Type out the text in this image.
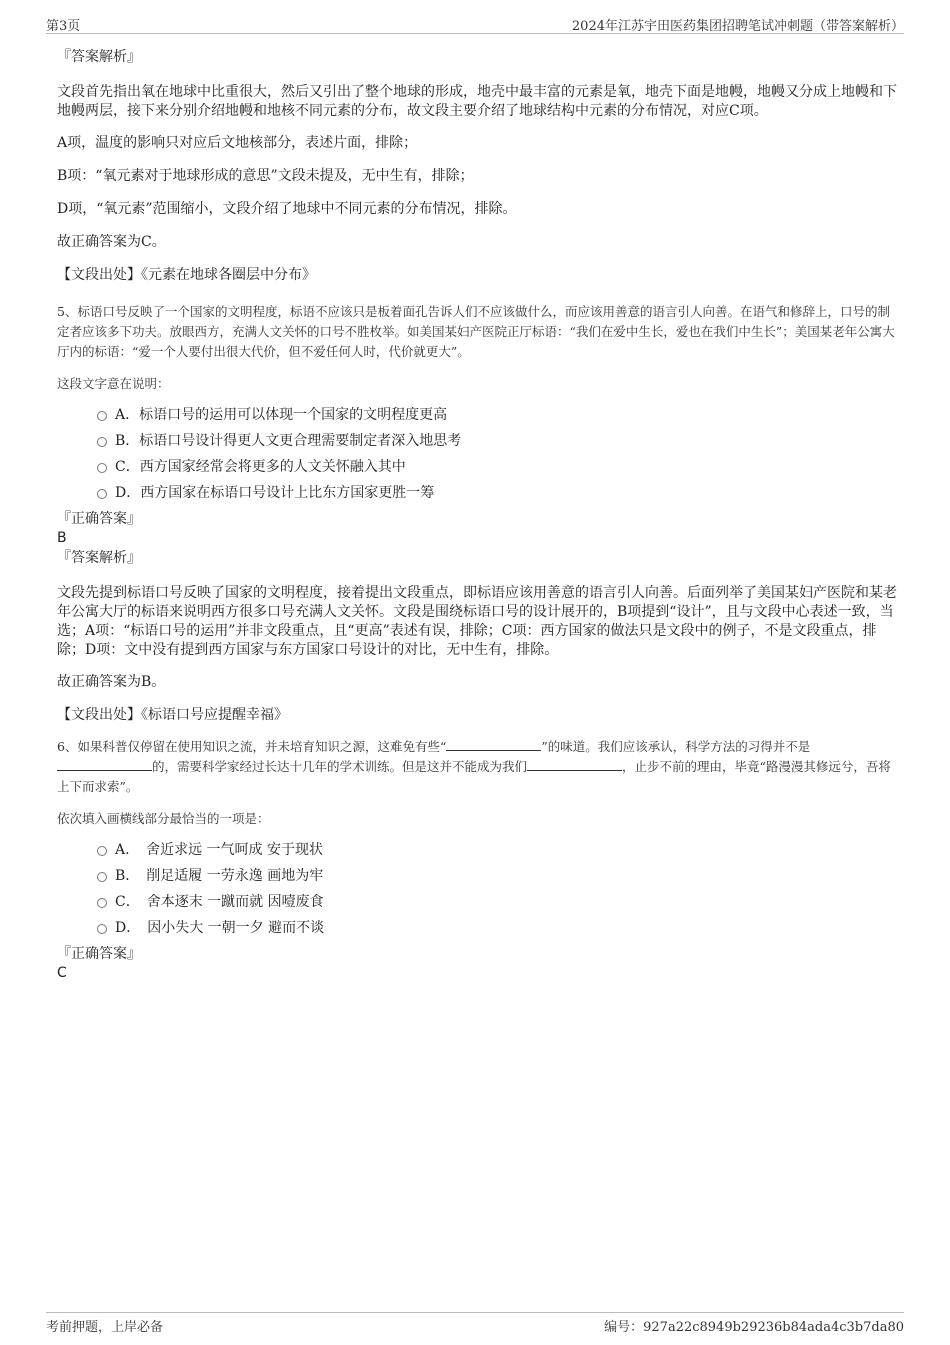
第3页	2024年江苏宇田医药集团招聘笔试冲刺题（带答案解析）

『答案解析』

文段首先指出氧在地球中比重很大，然后又引出了整个地球的形成，地壳中最丰富的元素是氧，地壳下面是地幔，地幔又分成上地幔和下地幔两层，接下来分别介绍地幔和地核不同元素的分布，故文段主要介绍了地球结构中元素的分布情况，对应C项。

A项，温度的影响只对应后文地核部分，表述片面，排除；

B项：“氧元素对于地球形成的意思”文段未提及，无中生有，排除；

D项，“氧元素”范围缩小，文段介绍了地球中不同元素的分布情况，排除。

故正确答案为C。

【文段出处】《元素在地球各圈层中分布》

5、标语口号反映了一个国家的文明程度，标语不应该只是板着面孔告诉人们不应该做什么，而应该用善意的语言引人向善。在语气和修辞上，口号的制定者应该多下功夫。放眼西方，充满人文关怀的口号不胜枚举。如美国某妇产医院正厅标语：“我们在爱中生长，爱也在我们中生长”；美国某老年公寓大厅内的标语：“爱一个人要付出很大代价，但不爱任何人时，代价就更大”。

这段文字意在说明：

A．标语口号的运用可以体现一个国家的文明程度更高
B．标语口号设计得更人文更合理需要制定者深入地思考
C．西方国家经常会将更多的人文关怀融入其中
D．西方国家在标语口号设计上比东方国家更胜一筹

『正确答案』

B

『答案解析』

文段先提到标语口号反映了国家的文明程度，接着提出文段重点，即标语应该用善意的语言引人向善。后面列举了美国某妇产医院和某老年公寓大厅的标语来说明西方很多口号充满人文关怀。文段是围绕标语口号的设计展开的，B项提到“设计”，且与文段中心表述一致，当选；A项：“标语口号的运用”并非文段重点，且“更高”表述有误，排除；C项：西方国家的做法只是文段中的例子，不是文段重点，排除；D项：文中没有提到西方国家与东方国家口号设计的对比，无中生有，排除。

故正确答案为B。

【文段出处】《标语口号应提醒幸福》

6、如果科普仅停留在使用知识之流，并未培育知识之源，这难免有些“	”的味道。我们应该承认，科学方法的习得并不是的，需要科学家经过长达十几年的学术训练。但是这并不能成为我们	，止步不前的理由，毕竟“路漫漫其修远兮，吾将上下而求索”。

依次填入画横线部分最恰当的一项是：

A．　舍近求远 一气呵成 安于现状
B．　削足适履 一劳永逸 画地为牢
C．　舍本逐末 一蹴而就 因噎废食
D．　因小失大 一朝一夕 避而不谈

『正确答案』

C

考前押题，上岸必备	编号：927a22c8949b29236b84ada4c3b7da80
